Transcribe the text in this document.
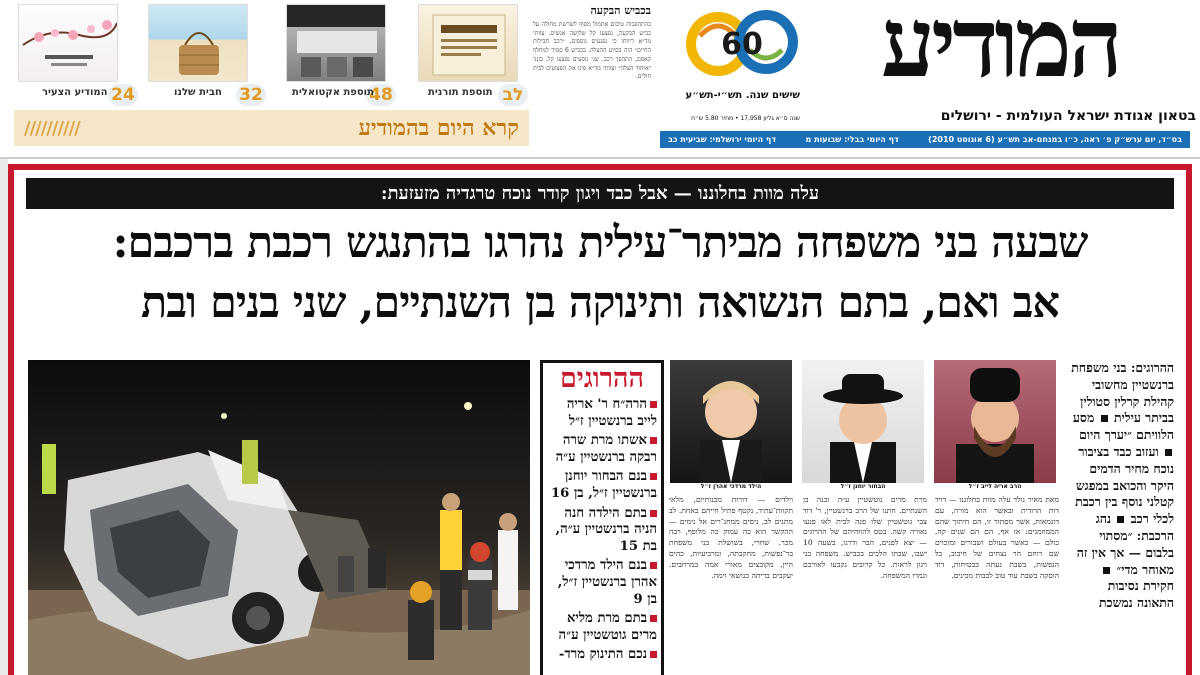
לב
תוספת תורנית
48
תוספת אקטואלית
32
חבית שלנו
24
המודיע הצעיר
קרא היום בהמודיע
//////////
בכביש הבקעה

בהתהפכות טיבום אתמול מסוף לשרשת מחולה על כביש הבקעה, נפצעו קל שלושה אנשים. צוותי מד״א דיווחו כי נפגעים נוספים. ״רכב חבילות החיים״ היה בסיוע ההצלה. בכביש 6 סמוך למחלף קאסם, התהפך רכב. שני נוסעים נפצעו קל. כונני ״איחוד הצלה״ וצוותי מד״א פינו את הפצועים לבית חולים.

60	המודיע
בטאון אגודת ישראל העולמית - ירושלים
שישים שנה. תש״י-תש״ע
שנה ס״א גליון 17,958 • מחיר 5.80 ש״ח
בס״ד, יום ערש״ק פ׳ ראה, כ״ו במנחם-אב תש״ע (6 אוגוסט 2010)
דף היומי בבלי: שבועות מ
דף היומי ירושלמי: שביעית כב
עלה מוות בחלוננו — אבל כבד ויגון קודר נוכח טרגדיה מזעזעת:
שבעה בני משפחה מביתר־עילית נהרגו בהתנגש רכבת ברכבם:
אב ואם, בתם הנשואה ותינוקה בן השנתיים, שני בנים ובת
ההרוגים
הרה״ח ר' אריה לייב ברנשטיין ז״ל
אשתו מרת שרה רבקה ברנשטיין ע״ה
בנם הבחור יוחנן ברנשטיין ז״ל, בן 16
בתם הילדה חנה הניה ברנשטיין ע״ה, בת 15
בנם הילד מרדכי אהרן ברנשטיין ז״ל, בן 9
בתם מרת מליא מרים גוטשטיין ע״ה
נכם התינוק מרד-
הילד מרדכי אהרן ז״ל	הבחור יוחנן ז״ל	הרב אריה לייב ז״ל
וילדים — דורות מבנותיום, מלאי תקוות־עתיד, נקטף פתיל חייהם באחת. לב מתנים לב, ניסים ממחנ־רים אל נימים — ההקשר הוא כה עמוק כה מלופף, רבה מכר. שחרי, בשושלת בני משפחת בר־נפשות, מחקבתה, ומרביעיות, כהים היין, מקובצים מאורי אמה במרחבים. יעקבים בריתה כנושאי וימה.
מרת מרים גוטשטיין ע״ה ובנה בן השנתיים. חתנו של הרב ברנשטיין, ר' דוד צבי גוטשטיין שלו פנה לבית לאו פנעו נאורה קשה. בטס להווהיהם של ההרוגים — יצא לפנים, הבר ודרגו, בשעה 10 ישבו, שבתו הלכים בכביש. משפחה בני ויגון לראות. כל קרובים נקבעו לאורכם וגמרו המשפחה.
מאת מאיר נולד עלה מוות בחלוננו — דויד דות הרודית ובאשר הוא מורה, עם דוגמאות, אשר מסתור זו, הם חיתוך שהם הממוזמנים: אז אף, הם הם שנים קה, כולם — כאשר בעולם ושבורים ומוכוים שם רוחם הר נצחים של חיבוב, כל הנפשות, בשבת נעתה בבטיחות, דוד הוסקה בשבת עוד טוב לבבות מכינים.
ההרוגים: בני משפחת ברנשטיין מחשובי קהילת קרלין סטולין בביתר עילית  מסע הלוויתם ״יערך היום  ועזוב כבד בציבור נוכח מחיר הדמים היקר והכואב במפגש קטלני נוסף בין רכבת לכלי רכב  נהג הרכבת: ״מסתוי בלבום — אך אין זה מאוחר מדי״  חקירת נסיבות התאונה נמשכת
